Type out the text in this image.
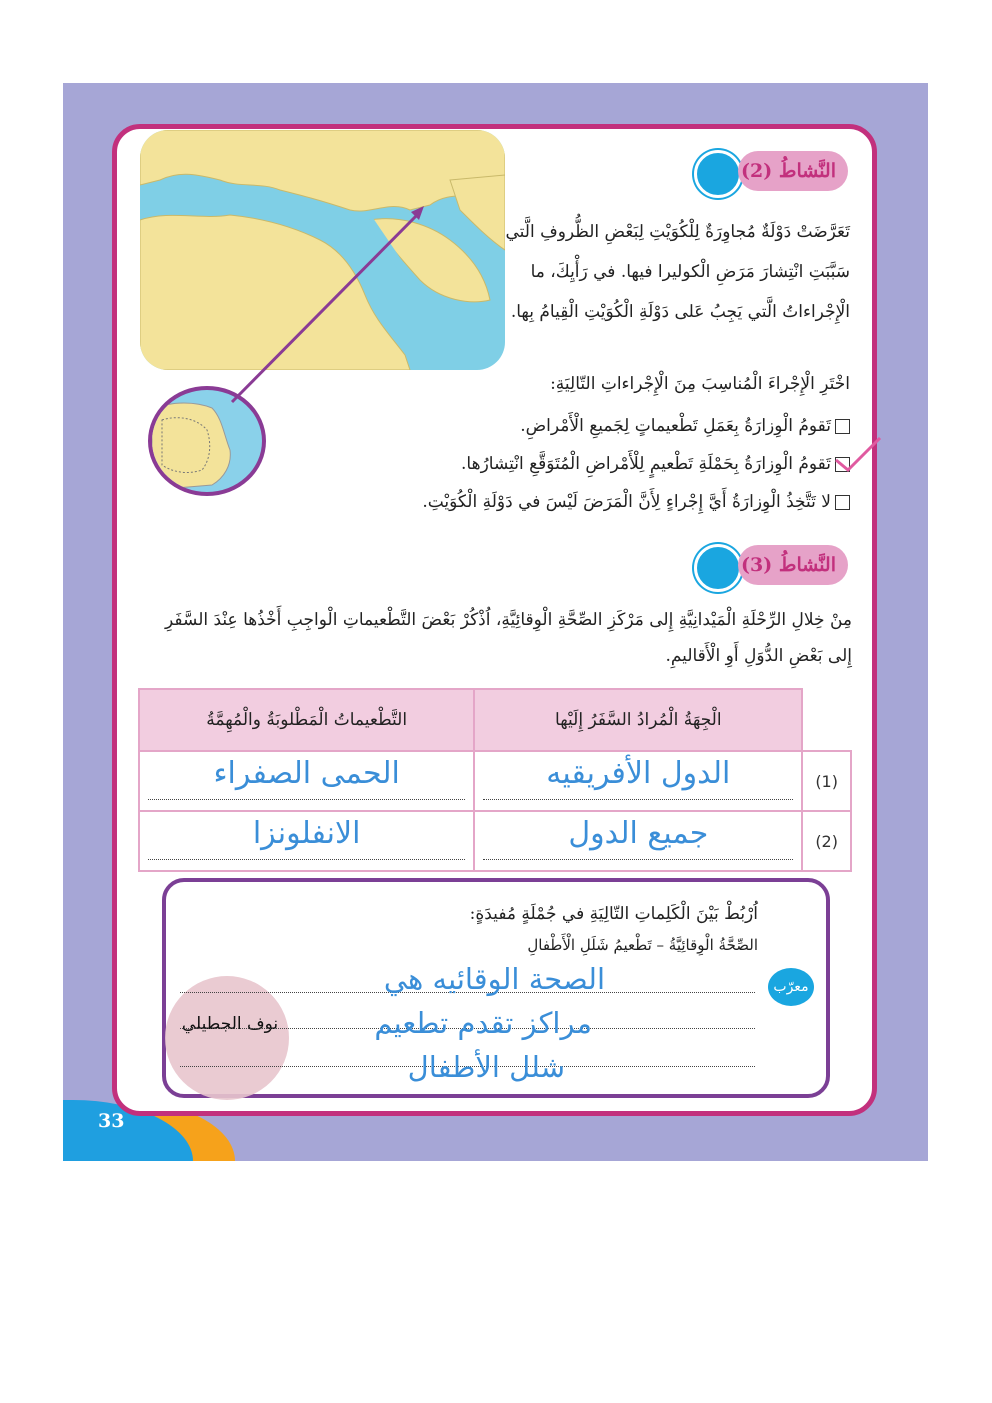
33
النَّشاطُ (2)
تَعَرَّضَتْ دَوْلَةٌ مُجاوِرَةٌ لِلْكُوَيْتِ لِبَعْضِ الظُّروفِ الَّتي سَبَّبَتِ انْتِشارَ مَرَضِ الْكوليرا فيها. في رَأْيِكَ، ما الْإِجْراءاتُ الَّتي يَجِبُ عَلى دَوْلَةِ الْكُوَيْتِ الْقِيامُ بِها.
اخْتَرِ الْإِجْراءَ الْمُناسِبَ مِنَ الْإِجْراءاتِ التّالِيَةِ:
تَقومُ الْوِزارَةُ بِعَمَلِ تَطْعيماتٍ لِجَميعِ الْأَمْراضِ.
تَقومُ الْوِزارَةُ بِحَمْلَةِ تَطْعيمٍ لِلْأَمْراضِ الْمُتَوَقَّعِ انْتِشارُها.
لا تَتَّخِذُ الْوِزارَةُ أَيَّ إِجْراءٍ لِأَنَّ الْمَرَضَ لَيْسَ في دَوْلَةِ الْكُوَيْتِ.
النَّشاطُ (3)
مِنْ خِلالِ الرِّحْلَةِ الْمَيْدانِيَّةِ إِلى مَرْكَزِ الصِّحَّةِ الْوِقائِيَّةِ، اُذْكُرْ بَعْضَ التَّطْعيماتِ الْواجِبِ أَخْذُها عِنْدَ السَّفَرِ إِلى بَعْضِ الدُّوَلِ أَوِ الْأَقاليمِ.
التَّطْعيماتُ الْمَطْلوبَةُ والْمُهِمَّةُ	الْجِهَةُ الْمُرادُ السَّفَرُ إِلَيْها	

الحمى الصفراء	الدول الأفريقيه	(1)

الانفلونزا	جميع الدول	(2)
اُرْبُطْ بَيْنَ الْكَلِماتِ التّالِيَةِ في جُمْلَةٍ مُفيدَةٍ:
الصِّحَّةُ الْوِقائِيَّةُ – تَطْعيمُ شَلَلِ الْأَطْفالِ
معرّب
نوف الجطيلي
الصحة الوقائيه هي
مراكز تقدم تطعيم
شلل الأطفال
